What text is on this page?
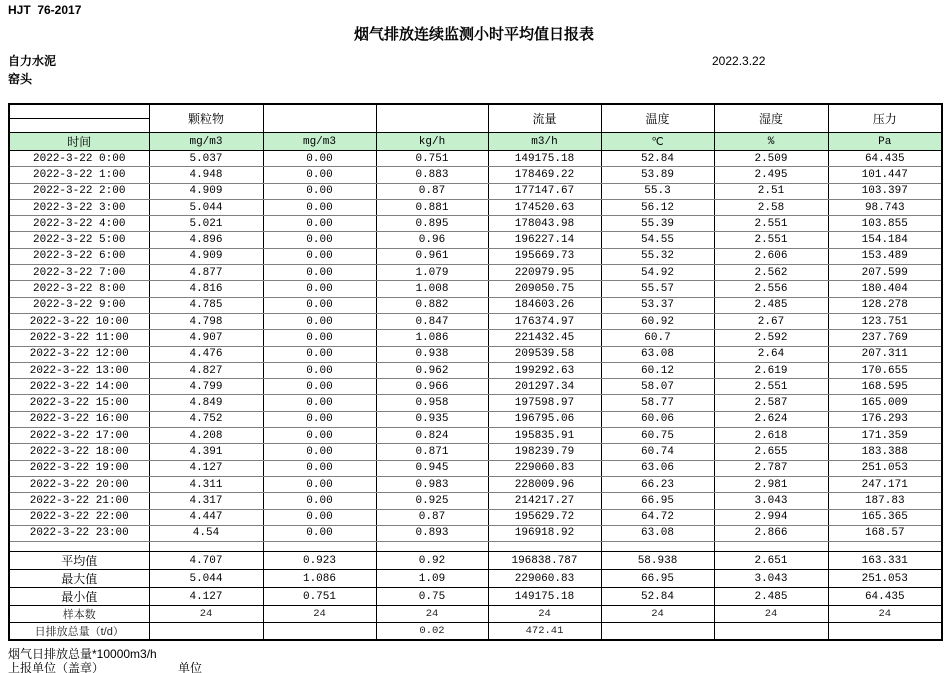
HJT  76-2017
烟气排放连续监测小时平均值日报表
自力水泥	2022.3.22
窑头
	颗粒物			流量	温度	湿度	压力
时间	mg/m3	mg/m3	kg/h	m3/h	℃	%	Pa
2022-3-22 0:00	5.037	0.00	0.751	149175.18	52.84	2.509	64.435
2022-3-22 1:00	4.948	0.00	0.883	178469.22	53.89	2.495	101.447
2022-3-22 2:00	4.909	0.00	0.87	177147.67	55.3	2.51	103.397
2022-3-22 3:00	5.044	0.00	0.881	174520.63	56.12	2.58	98.743
2022-3-22 4:00	5.021	0.00	0.895	178043.98	55.39	2.551	103.855
2022-3-22 5:00	4.896	0.00	0.96	196227.14	54.55	2.551	154.184
2022-3-22 6:00	4.909	0.00	0.961	195669.73	55.32	2.606	153.489
2022-3-22 7:00	4.877	0.00	1.079	220979.95	54.92	2.562	207.599
2022-3-22 8:00	4.816	0.00	1.008	209050.75	55.57	2.556	180.404
2022-3-22 9:00	4.785	0.00	0.882	184603.26	53.37	2.485	128.278
2022-3-22 10:00	4.798	0.00	0.847	176374.97	60.92	2.67	123.751
2022-3-22 11:00	4.907	0.00	1.086	221432.45	60.7	2.592	237.769
2022-3-22 12:00	4.476	0.00	0.938	209539.58	63.08	2.64	207.311
2022-3-22 13:00	4.827	0.00	0.962	199292.63	60.12	2.619	170.655
2022-3-22 14:00	4.799	0.00	0.966	201297.34	58.07	2.551	168.595
2022-3-22 15:00	4.849	0.00	0.958	197598.97	58.77	2.587	165.009
2022-3-22 16:00	4.752	0.00	0.935	196795.06	60.06	2.624	176.293
2022-3-22 17:00	4.208	0.00	0.824	195835.91	60.75	2.618	171.359
2022-3-22 18:00	4.391	0.00	0.871	198239.79	60.74	2.655	183.388
2022-3-22 19:00	4.127	0.00	0.945	229060.83	63.06	2.787	251.053
2022-3-22 20:00	4.311	0.00	0.983	228009.96	66.23	2.981	247.171
2022-3-22 21:00	4.317	0.00	0.925	214217.27	66.95	3.043	187.83
2022-3-22 22:00	4.447	0.00	0.87	195629.72	64.72	2.994	165.365
2022-3-22 23:00	4.54	0.00	0.893	196918.92	63.08	2.866	168.57

平均值	4.707	0.923	0.92	196838.787	58.938	2.651	163.331
最大值	5.044	1.086	1.09	229060.83	66.95	3.043	251.053
最小值	4.127	0.751	0.75	149175.18	52.84	2.485	64.435
样本数	24	24	24	24	24	24	24
日排放总量（t/d）			0.02	472.41			
烟气日排放总量*10000m3/h
上报单位（盖章）	单位
